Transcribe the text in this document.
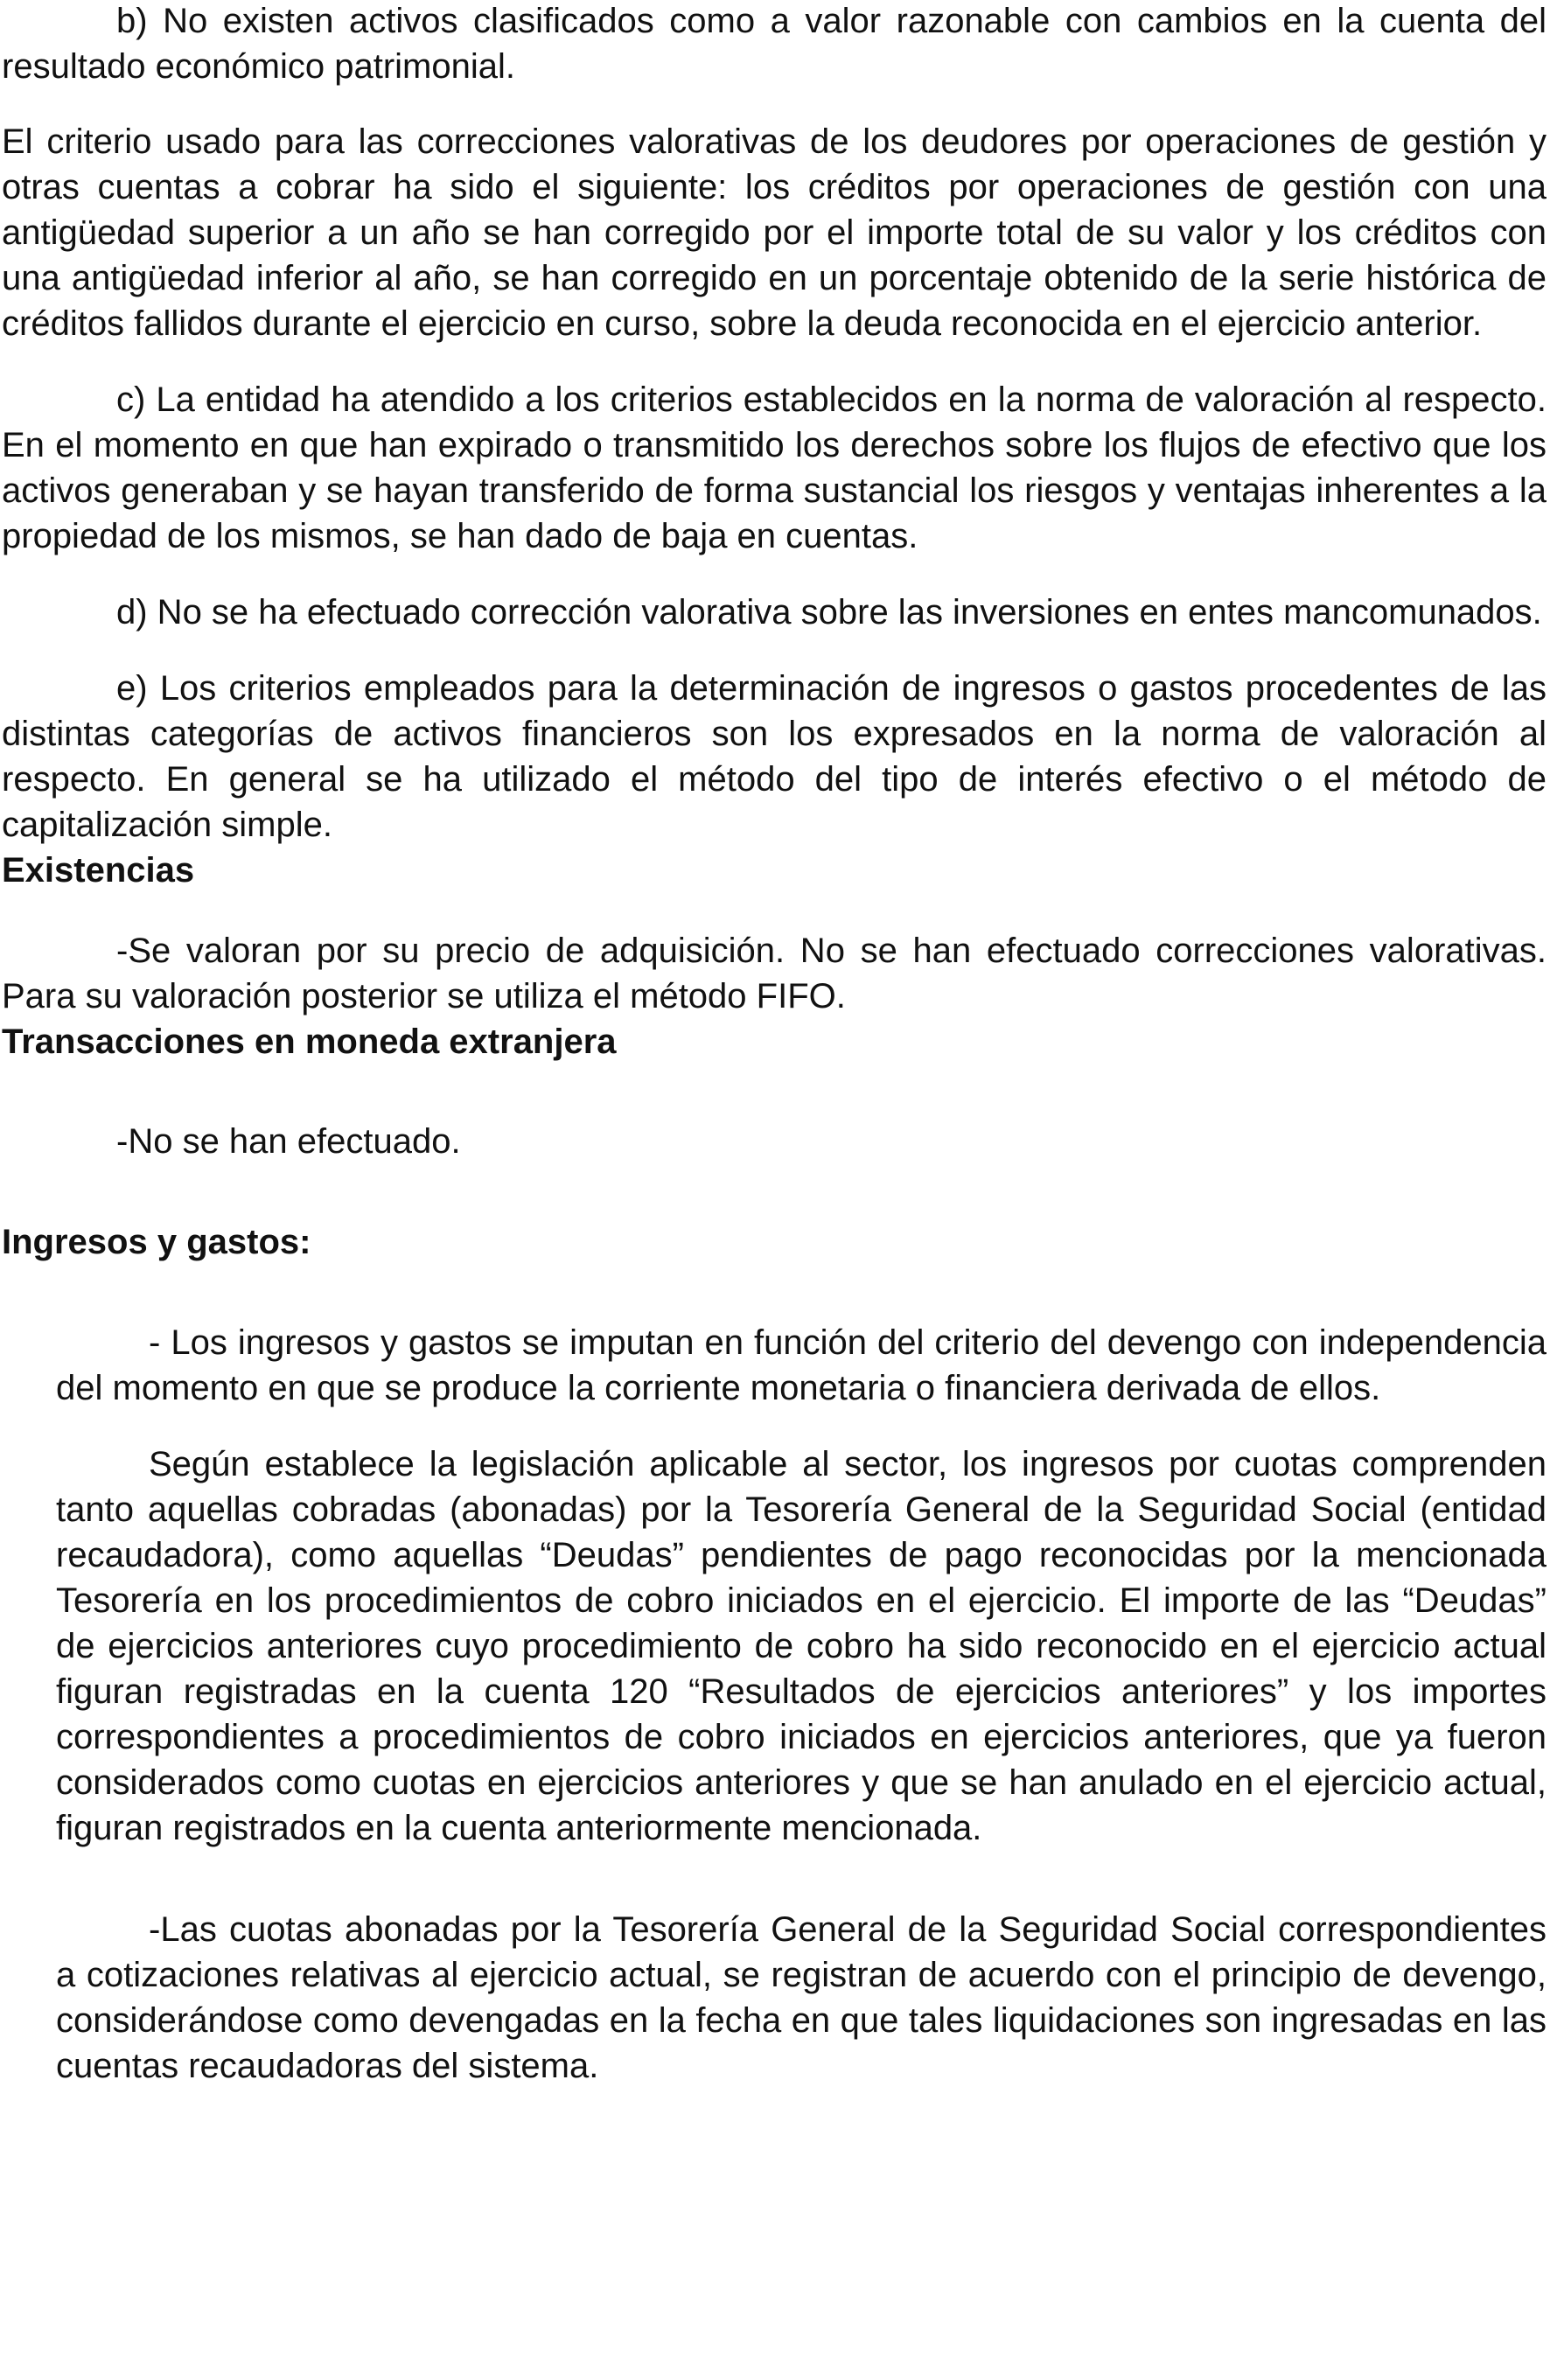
b) No existen activos clasificados como a valor razonable con cambios en la cuenta del resultado económico patrimonial.

El criterio usado para las correcciones valorativas de los deudores por operaciones de gestión y otras cuentas a cobrar ha sido el siguiente: los créditos por operaciones de gestión con una antigüedad superior a un año se han corregido por el importe total de su valor y los créditos con una antigüedad inferior al año, se han corregido en un porcentaje obtenido de la serie histórica de créditos fallidos durante el ejercicio en curso, sobre la deuda reconocida en el ejercicio anterior.

c) La entidad ha atendido a los criterios establecidos en la norma de valoración al respecto. En el momento en que han expirado o transmitido los derechos sobre los flujos de efectivo que los activos generaban y se hayan transferido de forma sustancial los riesgos y ventajas inherentes a la propiedad de los mismos, se han dado de baja en cuentas.

d) No se ha efectuado corrección valorativa sobre las inversiones en entes mancomunados.

e) Los criterios empleados para la determinación de ingresos o gastos procedentes de las distintas categorías de activos financieros son los expresados en la norma de valoración al respecto. En general se ha utilizado el método del tipo de interés efectivo o el método de capitalización simple.

Existencias

-Se valoran por su precio de adquisición. No se han efectuado correcciones valorativas. Para su valoración posterior se utiliza el método FIFO.

Transacciones en moneda extranjera

-No se han efectuado.

Ingresos y gastos:

- Los ingresos y gastos se imputan en función del criterio del devengo con independencia del momento en que se produce la corriente monetaria o financiera derivada de ellos.

Según establece la legislación aplicable al sector, los ingresos por cuotas comprenden tanto aquellas cobradas (abonadas) por la Tesorería General de la Seguridad Social (entidad recaudadora), como aquellas “Deudas” pendientes de pago reconocidas por la mencionada Tesorería en los procedimientos de cobro iniciados en el ejercicio. El importe de las “Deudas” de ejercicios anteriores cuyo procedimiento de cobro ha sido reconocido en el ejercicio actual figuran registradas en la cuenta 120 “Resultados de ejercicios anteriores” y los importes correspondientes a procedimientos de cobro iniciados en ejercicios anteriores, que ya fueron considerados como cuotas en ejercicios anteriores y que se han anulado en el ejercicio actual, figuran registrados en la cuenta anteriormente mencionada.

-Las cuotas abonadas por la Tesorería General de la Seguridad Social correspondientes a cotizaciones relativas al ejercicio actual, se registran de acuerdo con el principio de devengo, considerándose como devengadas en la fecha en que tales liquidaciones son ingresadas en las cuentas recaudadoras del sistema.
